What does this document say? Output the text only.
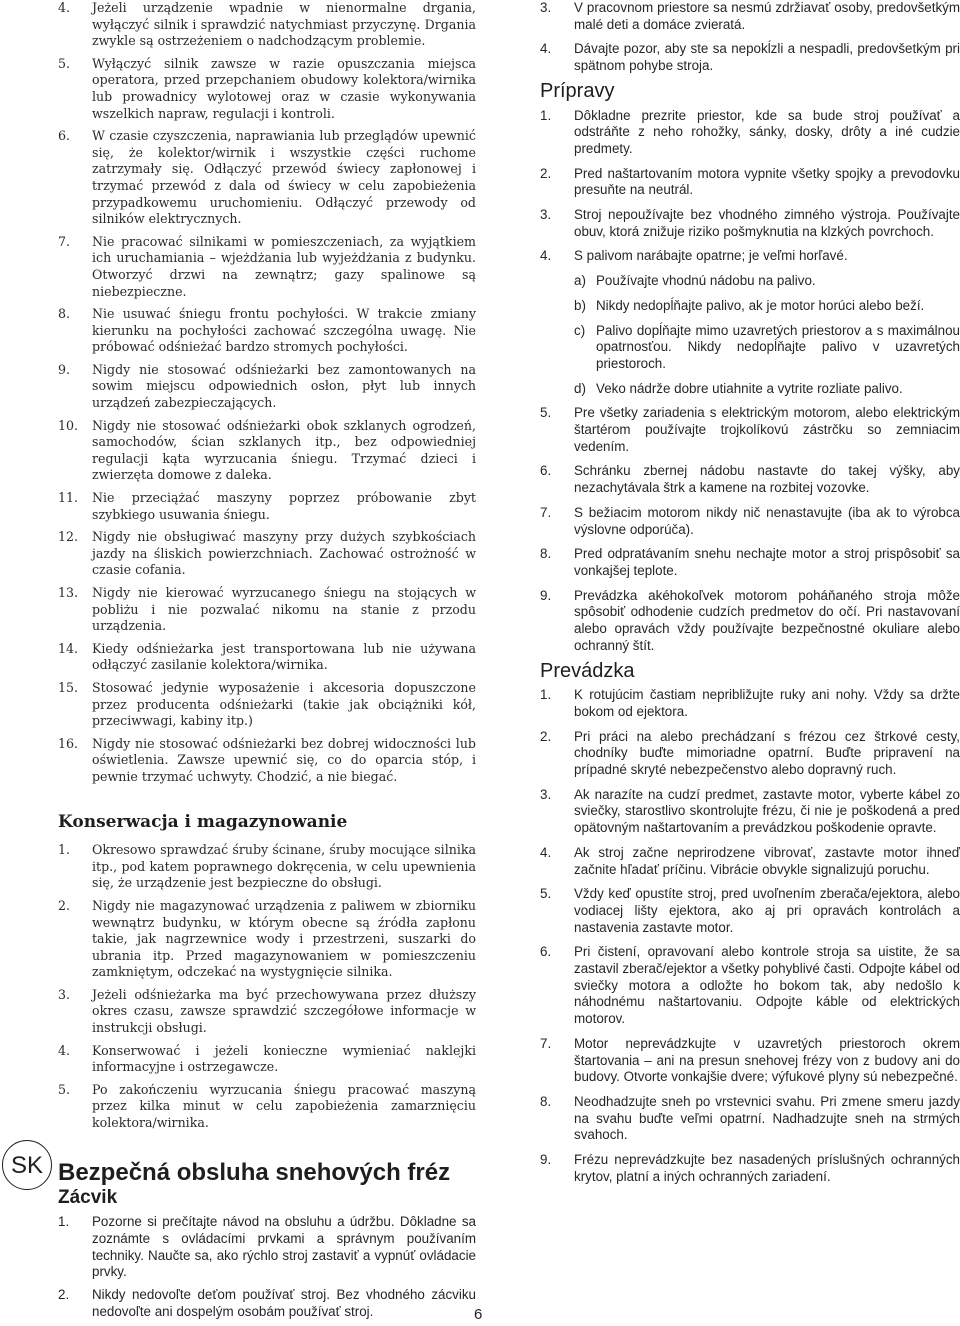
4. Jeżeli urządzenie wpadnie w nienormalne drgania, wyłączyć silnik i sprawdzić natychmiast przyczynę. Drgania zwykle są ostrzeżeniem o nadchodzącym problemie.
5. Wyłączyć silnik zawsze w razie opuszczania miejsca operatora, przed przepchaniem obudowy kolektora/wirnika lub prowadnicy wylotowej oraz w czasie wykonywania wszelkich napraw, regulacji i kontroli.
6. W czasie czyszczenia, naprawiania lub przeglądów upewnić się, że kolektor/wirnik i wszystkie części ruchome zatrzymały się. Odłączyć przewód świecy zapłonowej i trzymać przewód z dala od świecy w celu zapobieżenia przypadkowemu uruchomieniu. Odłączyć przewody od silników elektrycznych.
7. Nie pracować silnikami w pomieszczeniach, za wyjątkiem ich uruchamiania – wjeżdżania lub wyjeżdżania z budynku. Otworzyć drzwi na zewnątrz; gazy spalinowe są niebezpieczne.
8. Nie usuwać śniegu frontu pochyłości. W trakcie zmiany kierunku na pochyłości zachować szczególna uwagę. Nie próbować odśnieżać bardzo stromych pochyłości.
9. Nigdy nie stosować odśnieżarki bez zamontowanych na sowim miejscu odpowiednich osłon, płyt lub innych urządzeń zabezpieczających.
10. Nigdy nie stosować odśnieżarki obok szklanych ogrodzeń, samochodów, ścian szklanych itp., bez odpowiedniej regulacji kąta wyrzucania śniegu. Trzymać dzieci i zwierzęta domowe z daleka.
11. Nie przeciążać maszyny poprzez próbowanie zbyt szybkiego usuwania śniegu.
12. Nigdy nie obsługiwać maszyny przy dużych szybkościach jazdy na śliskich powierzchniach. Zachować ostrożność w czasie cofania.
13. Nigdy nie kierować wyrzucanego śniegu na stojących w pobliżu i nie pozwalać nikomu na stanie z przodu urządzenia.
14. Kiedy odśnieżarka jest transportowana lub nie używana odłączyć zasilanie kolektora/wirnika.
15. Stosować jedynie wyposażenie i akcesoria dopuszczone przez producenta odśnieżarki (takie jak obciążniki kół, przeciwwagi, kabiny itp.)
16. Nigdy nie stosować odśnieżarki bez dobrej widoczności lub oświetlenia. Zawsze upewnić się, co do oparcia stóp, i pewnie trzymać uchwyty. Chodzić, a nie biegać.
Konserwacja i magazynowanie
1. Okresowo sprawdzać śruby ścinane, śruby mocujące silnika itp., pod katem poprawnego dokręcenia, w celu upewnienia się, że urządzenie jest bezpieczne do obsługi.
2. Nigdy nie magazynować urządzenia z paliwem w zbiorniku wewnątrz budynku, w którym obecne są źródła zapłonu takie, jak nagrzewnice wody i przestrzeni, suszarki do ubrania itp. Przed magazynowaniem w pomieszczeniu zamkniętym, odczekać na wystygnięcie silnika.
3. Jeżeli odśnieżarka ma być przechowywana przez dłuższy okres czasu, zawsze sprawdzić szczegółowe informacje w instrukcji obsługi.
4. Konserwować i jeżeli konieczne wymieniać naklejki informacyjne i ostrzegawcze.
5. Po zakończeniu wyrzucania śniegu pracować maszyną przez kilka minut w celu zapobieżenia zamarznięciu kolektora/wirnika.
Bezpečná obsluha snehových fréz
Zácvik
1. Pozorne si prečítajte návod na obsluhu a údržbu. Dôkladne sa zoznámte s ovládacími prvkami a správnym používaním techniky. Naučte sa, ako rýchlo stroj zastaviť a vypnúť ovládacie prvky.
2. Nikdy nedovoľte deťom používať stroj. Bez vhodného zácviku nedovoľte ani dospelým osobám používať stroj.
3. V pracovnom priestore sa nesmú zdržiavať osoby, predovšetkým malé deti a domáce zvieratá.
4. Dávajte pozor, aby ste sa nepokĺzli a nespadli, predovšetkým pri spätnom pohybe stroja.
Prípravy
1. Dôkladne prezrite priestor, kde sa bude stroj používať a odstráňte z neho rohožky, sánky, dosky, drôty a iné cudzie predmety.
2. Pred naštartovaním motora vypnite všetky spojky a prevodovku presuňte na neutrál.
3. Stroj nepoužívajte bez vhodného zimného výstroja. Používajte obuv, ktorá znižuje riziko pošmyknutia na klzkých povrchoch.
4. S palivom narábajte opatrne; je veľmi horľavé.
a) Používajte vhodnú nádobu na palivo.
b) Nikdy nedopĺňajte palivo, ak je motor horúci alebo beží.
c) Palivo dopĺňajte mimo uzavretých priestorov a s maximálnou opatrnosťou. Nikdy nedopĺňajte palivo v uzavretých priestoroch.
d) Veko nádrže dobre utiahnite a vytrite rozliate palivo.
5. Pre všetky zariadenia s elektrickým motorom, alebo elektrickým štartérom používajte trojkolíkovú zástrčku so zemniacim vedením.
6. Schránku zbernej nádobu nastavte do takej výšky, aby nezachytávala štrk a kamene na rozbitej vozovke.
7. S bežiacim motorom nikdy nič nenastavujte (iba ak to výrobca výslovne odporúča).
8. Pred odpratávaním snehu nechajte motor a stroj prispôsobiť sa vonkajšej teplote.
9. Prevádzka akéhokoľvek motorom poháňaného stroja môže spôsobiť odhodenie cudzích predmetov do očí. Pri nastavovaní alebo opravách vždy používajte bezpečnostné okuliare alebo ochranný štít.
Prevádzka
1. K rotujúcim častiam nepribližujte ruky ani nohy. Vždy sa držte bokom od ejektora.
2. Pri práci na alebo prechádzaní s frézou cez štrkové cesty, chodníky buďte mimoriadne opatrní. Buďte pripravení na prípadné skryté nebezpečenstvo alebo dopravný ruch.
3. Ak narazíte na cudzí predmet, zastavte motor, vyberte kábel zo sviečky, starostlivo skontrolujte frézu, či nie je poškodená a pred opätovným naštartovaním a prevádzkou poškodenie opravte.
4. Ak stroj začne neprirodzene vibrovať, zastavte motor ihneď začnite hľadať príčinu. Vibrácie obvykle signalizujú poruchu.
5. Vždy keď opustíte stroj, pred uvoľnením zberača/ejektora, alebo vodiacej lišty ejektora, ako aj pri opravách kontrolách a nastavenia zastavte motor.
6. Pri čistení, opravovaní alebo kontrole stroja sa uistite, že sa zastavil zberač/ejektor a všetky pohyblivé časti. Odpojte kábel od sviečky motora a odložte ho bokom tak, aby nedošlo k náhodnému naštartovaniu. Odpojte káble od elektrických motorov.
7. Motor neprevádzkujte v uzavretých priestoroch okrem štartovania – ani na presun snehovej frézy von z budovy ani do budovy. Otvorte vonkajšie dvere; výfukové plyny sú nebezpečné.
8. Neodhadzujte sneh po vrstevnici svahu. Pri zmene smeru jazdy na svahu buďte veľmi opatrní. Nadhadzujte sneh na strmých svahoch.
9. Frézu neprevádzkujte bez nasadených príslušných ochranných krytov, platní a iných ochranných zariadení.
SK
6
